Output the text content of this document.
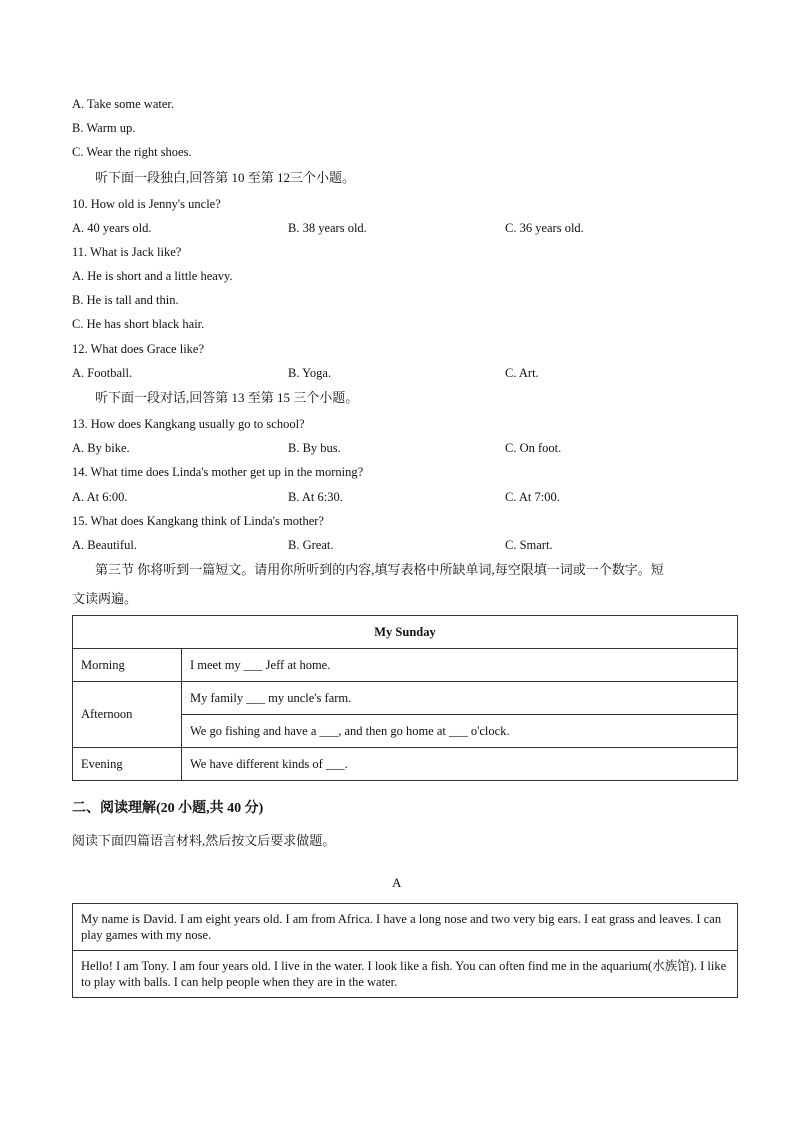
A. Take some water.
B. Warm up.
C. Wear the right shoes.
听下面一段独白,回答第 10 至第 12三个小题。
10. How old is Jenny's uncle?
A. 40 years old.	B. 38 years old.	C. 36 years old.
11. What is Jack like?
A. He is short and a little heavy.
B. He is tall and thin.
C. He has short black hair.
12. What does Grace like?
A. Football.	B. Yoga.	C. Art.
听下面一段对话,回答第 13 至第 15 三个小题。
13. How does Kangkang usually go to school?
A. By bike.	B. By bus.	C. On foot.
14. What time does Linda's mother get up in the morning?
A. At 6:00.	B. At 6:30.	C. At 7:00.
15. What does Kangkang think of Linda's mother?
A. Beautiful.	B. Great.	C. Smart.
第三节 你将听到一篇短文。请用你所听到的内容,填写表格中所缺单词,每空限填一词或一个数字。短
文读两遍。
My Sunday	
Morning	I meet my ___ Jeff at home.
Afternoon	My family ___ my uncle's farm.
	We go fishing and have a ___, and then go home at ___ o'clock.
Evening	We have different kinds of ___.
二、阅读理解(20 小题,共 40 分)
阅读下面四篇语言材料,然后按文后要求做题。
A
My name is David. I am eight years old. I am from Africa. I have a long nose and two very big ears. I eat grass and leaves. I can play games with my nose.
Hello! I am Tony. I am four years old. I live in the water. I look like a fish. You can often find me in the aquarium(水族馆). I like to play with balls. I can help people when they are in the water.
